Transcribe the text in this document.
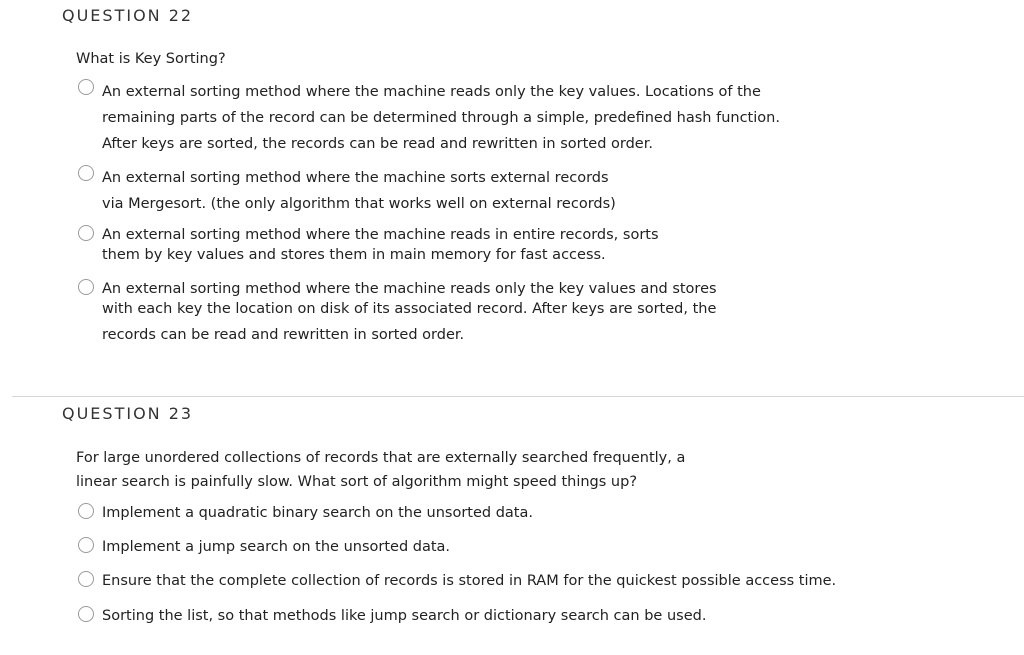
QUESTION 22

What is Key Sorting?

An external sorting method where the machine reads only the key values. Locations of the
remaining parts of the record can be determined through a simple, predefined hash function.
After keys are sorted, the records can be read and rewritten in sorted order.
An external sorting method where the machine sorts external records
via Mergesort. (the only algorithm that works well on external records)
An external sorting method where the machine reads in entire records, sorts
them by key values and stores them in main memory for fast access.
An external sorting method where the machine reads only the key values and stores
with each key the location on disk of its associated record. After keys are sorted, the
records can be read and rewritten in sorted order.
QUESTION 23

For large unordered collections of records that are externally searched frequently, a
linear search is painfully slow. What sort of algorithm might speed things up?

Implement a quadratic binary search on the unsorted data.
Implement a jump search on the unsorted data.
Ensure that the complete collection of records is stored in RAM for the quickest possible access time.
Sorting the list, so that methods like jump search or dictionary search can be used.
